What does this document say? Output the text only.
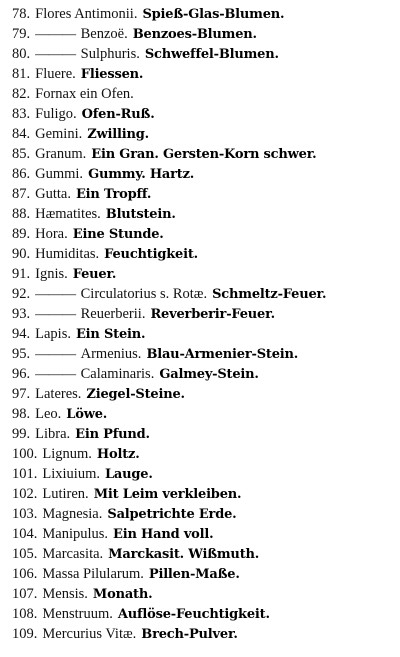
78. Flores Antimonii. Spieß-Glas-Blumen.
79. ——— Benzoë. Benzoes-Blumen.
80. ——— Sulphuris. Schweffel-Blumen.
81. Fluere. Fliessen.
82. Fornax ein Ofen.
83. Fuligo. Ofen-Ruß.
84. Gemini. Zwilling.
85. Granum. Ein Gran. Gersten-Korn schwer.
86. Gummi. Gummy. Hartz.
87. Gutta. Ein Tropff.
88. Hæmatites. Blutstein.
89. Hora. Eine Stunde.
90. Humiditas. Feuchtigkeit.
91. Ignis. Feuer.
92. ——— Circulatorius s. Rotæ. Schmeltz-Feuer.
93. ——— Reuerberii. Reverberir-Feuer.
94. Lapis. Ein Stein.
95. ——— Armenius. Blau-Armenier-Stein.
96. ——— Calaminaris. Galmey-Stein.
97. Lateres. Ziegel-Steine.
98. Leo. Löwe.
99. Libra. Ein Pfund.
100. Lignum. Holtz.
101. Lixiuium. Lauge.
102. Lutiren. Mit Leim verkleiben.
103. Magnesia. Salpetrichte Erde.
104. Manipulus. Ein Hand voll.
105. Marcasita. Marckasit. Wißmuth.
106. Massa Pilularum. Pillen-Maße.
107. Mensis. Monath.
108. Menstruum. Auflöse-Feuchtigkeit.
109. Mercurius Vitæ. Brech-Pulver.
